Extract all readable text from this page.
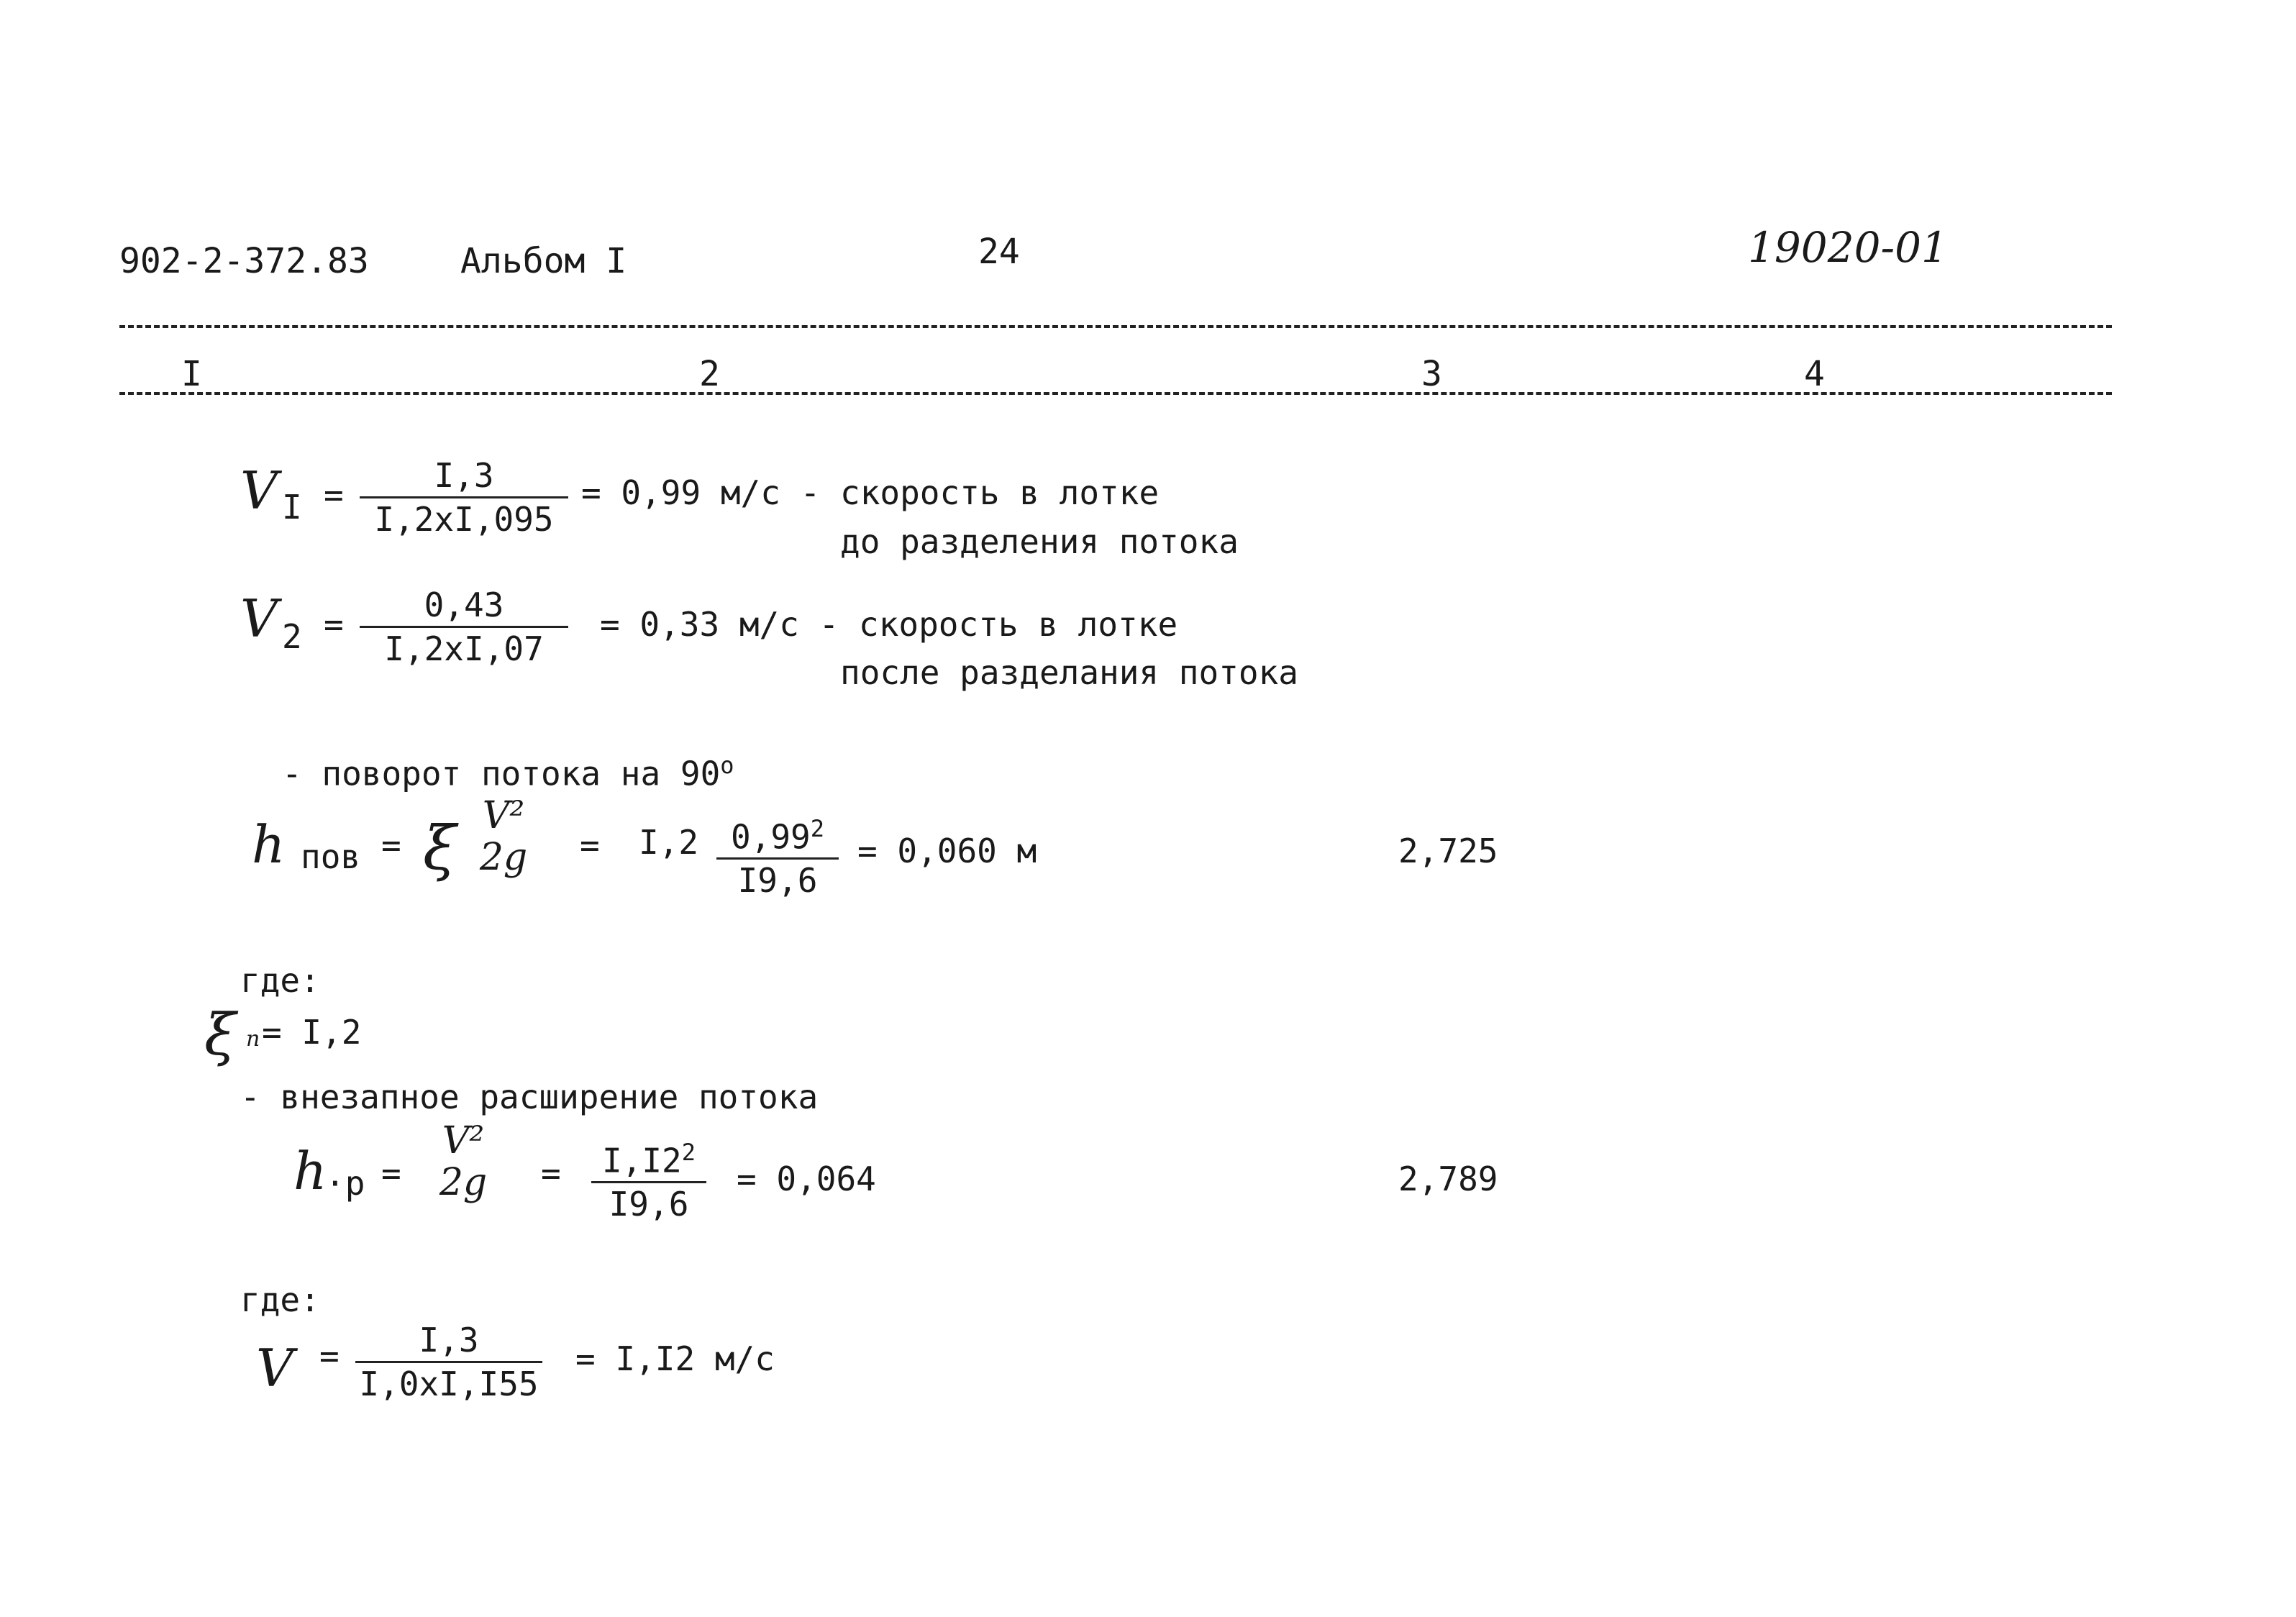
902-2-372.83	Альбом I	24	19020-01
I	2	3	4
V I =	I,3
I,2xI,095
= 0,99 м/с - скорость в лотке
до разделения потока
V 2 =	0,43
I,2xI,07
= 0,33 м/с - скорость в лотке
после разделания потока
- поворот потока на 90$^o$
h пов = ξ V²
2g	= I,2 0,99$^2$
I9,6
= 0,060 м	2,725
где:
ξ п = I,2
- внезапное расширение потока
h
·р =
V²
2g	=	$I,I2^2$
I9,6
= 0,064	2,789
где:
V =	I,3
I,0xI,I55
= I,I2 м/с
